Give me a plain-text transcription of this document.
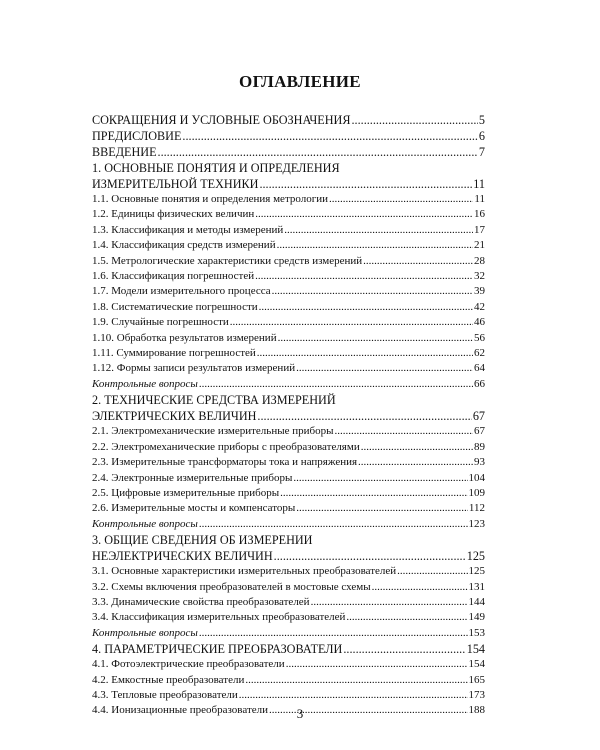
ОГЛАВЛЕНИЕ
СОКРАЩЕНИЯ И УСЛОВНЫЕ ОБОЗНАЧЕНИЯ .....	5
ПРЕДИСЛОВИЕ .....	6
ВВЕДЕНИЕ .....	7
1. ОСНОВНЫЕ ПОНЯТИЯ И ОПРЕДЕЛЕНИЯ
ИЗМЕРИТЕЛЬНОЙ ТЕХНИКИ .....	11
1.1. Основные понятия и определения метрологии .....	11
1.2. Единицы физических величин .....	16
1.3. Классификация и методы измерений .....	17
1.4. Классификация средств измерений .....	21
1.5. Метрологические характеристики средств измерений .....	28
1.6. Классификация погрешностей .....	32
1.7. Модели измерительного процесса .....	39
1.8. Систематические погрешности .....	42
1.9. Случайные погрешности .....	46
1.10. Обработка результатов измерений .....	56
1.11. Суммирование погрешностей .....	62
1.12. Формы записи результатов измерений .....	64
Контрольные вопросы .....	66
2. ТЕХНИЧЕСКИЕ СРЕДСТВА ИЗМЕРЕНИЙ
ЭЛЕКТРИЧЕСКИХ ВЕЛИЧИН .....	67
2.1. Электромеханические измерительные приборы .....	67
2.2. Электромеханические приборы с преобразователями .....	89
2.3. Измерительные трансформаторы тока и напряжения .....	93
2.4. Электронные измерительные приборы .....	104
2.5. Цифровые измерительные приборы .....	109
2.6. Измерительные мосты и компенсаторы .....	112
Контрольные вопросы .....	123
3. ОБЩИЕ СВЕДЕНИЯ ОБ ИЗМЕРЕНИИ
НЕЭЛЕКТРИЧЕСКИХ ВЕЛИЧИН .....	125
3.1. Основные характеристики измерительных преобразователей .....	125
3.2. Схемы включения преобразователей в мостовые схемы .....	131
3.3. Динамические свойства преобразователей .....	144
3.4. Классификация измерительных преобразователей .....	149
Контрольные вопросы .....	153
4. ПАРАМЕТРИЧЕСКИЕ ПРЕОБРАЗОВАТЕЛИ .....	154
4.1. Фотоэлектрические преобразователи .....	154
4.2. Емкостные преобразователи .....	165
4.3. Тепловые преобразователи .....	173
4.4. Ионизационные преобразователи .....	188
3
